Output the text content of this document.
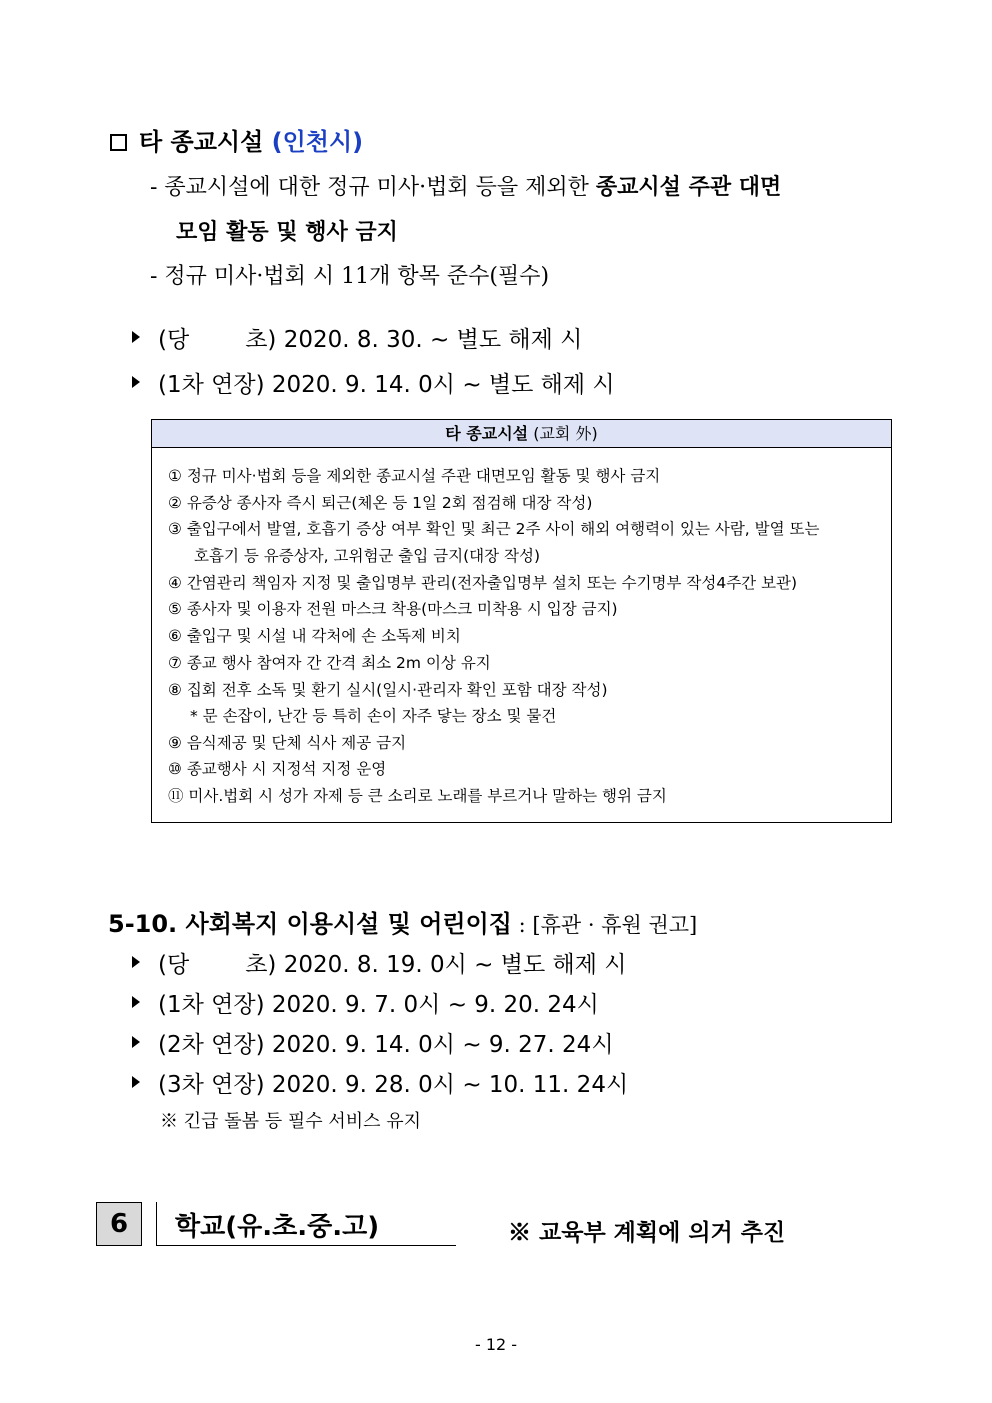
타 종교시설 (인천시)
- 종교시설에 대한 정규 미사·법회 등을 제외한 종교시설 주관 대면
모임 활동 및 행사 금지
- 정규 미사·법회 시 11개 항목 준수(필수)
(당 초) 2020. 8. 30. ~ 별도 해제 시
(1차 연장) 2020. 9. 14. 0시 ~ 별도 해제 시
타 종교시설 (교회 外)
① 정규 미사·법회 등을 제외한 종교시설 주관 대면모임 활동 및 행사 금지
② 유증상 종사자 즉시 퇴근(체온 등 1일 2회 점검해 대장 작성)
③ 출입구에서 발열, 호흡기 증상 여부 확인 및 최근 2주 사이 해외 여행력이 있는 사람, 발열 또는
호흡기 등 유증상자, 고위험군 출입 금지(대장 작성)
④ 간염관리 책임자 지정 및 출입명부 관리(전자출입명부 설치 또는 수기명부 작성4주간 보관)
⑤ 종사자 및 이용자 전원 마스크 착용(마스크 미착용 시 입장 금지)
⑥ 출입구 및 시설 내 각처에 손 소독제 비치
⑦ 종교 행사 참여자 간 간격 최소 2m 이상 유지
⑧ 집회 전후 소독 및 환기 실시(일시·관리자 확인 포함 대장 작성)
* 문 손잡이, 난간 등 특히 손이 자주 닿는 장소 및 물건
⑨ 음식제공 및 단체 식사 제공 금지
⑩ 종교행사 시 지정석 지정 운영
⑪ 미사.법회 시 성가 자제 등 큰 소리로 노래를 부르거나 말하는 행위 금지
5-10. 사회복지 이용시설 및 어린이집 : [휴관 · 휴원 권고]
(당 초) 2020. 8. 19. 0시 ~ 별도 해제 시
(1차 연장) 2020. 9. 7. 0시 ~ 9. 20. 24시
(2차 연장) 2020. 9. 14. 0시 ~ 9. 27. 24시
(3차 연장) 2020. 9. 28. 0시 ~ 10. 11. 24시
※ 긴급 돌봄 등 필수 서비스 유지
6	학교(유.초.중.고)	※ 교육부 계획에 의거 추진
- 12 -
